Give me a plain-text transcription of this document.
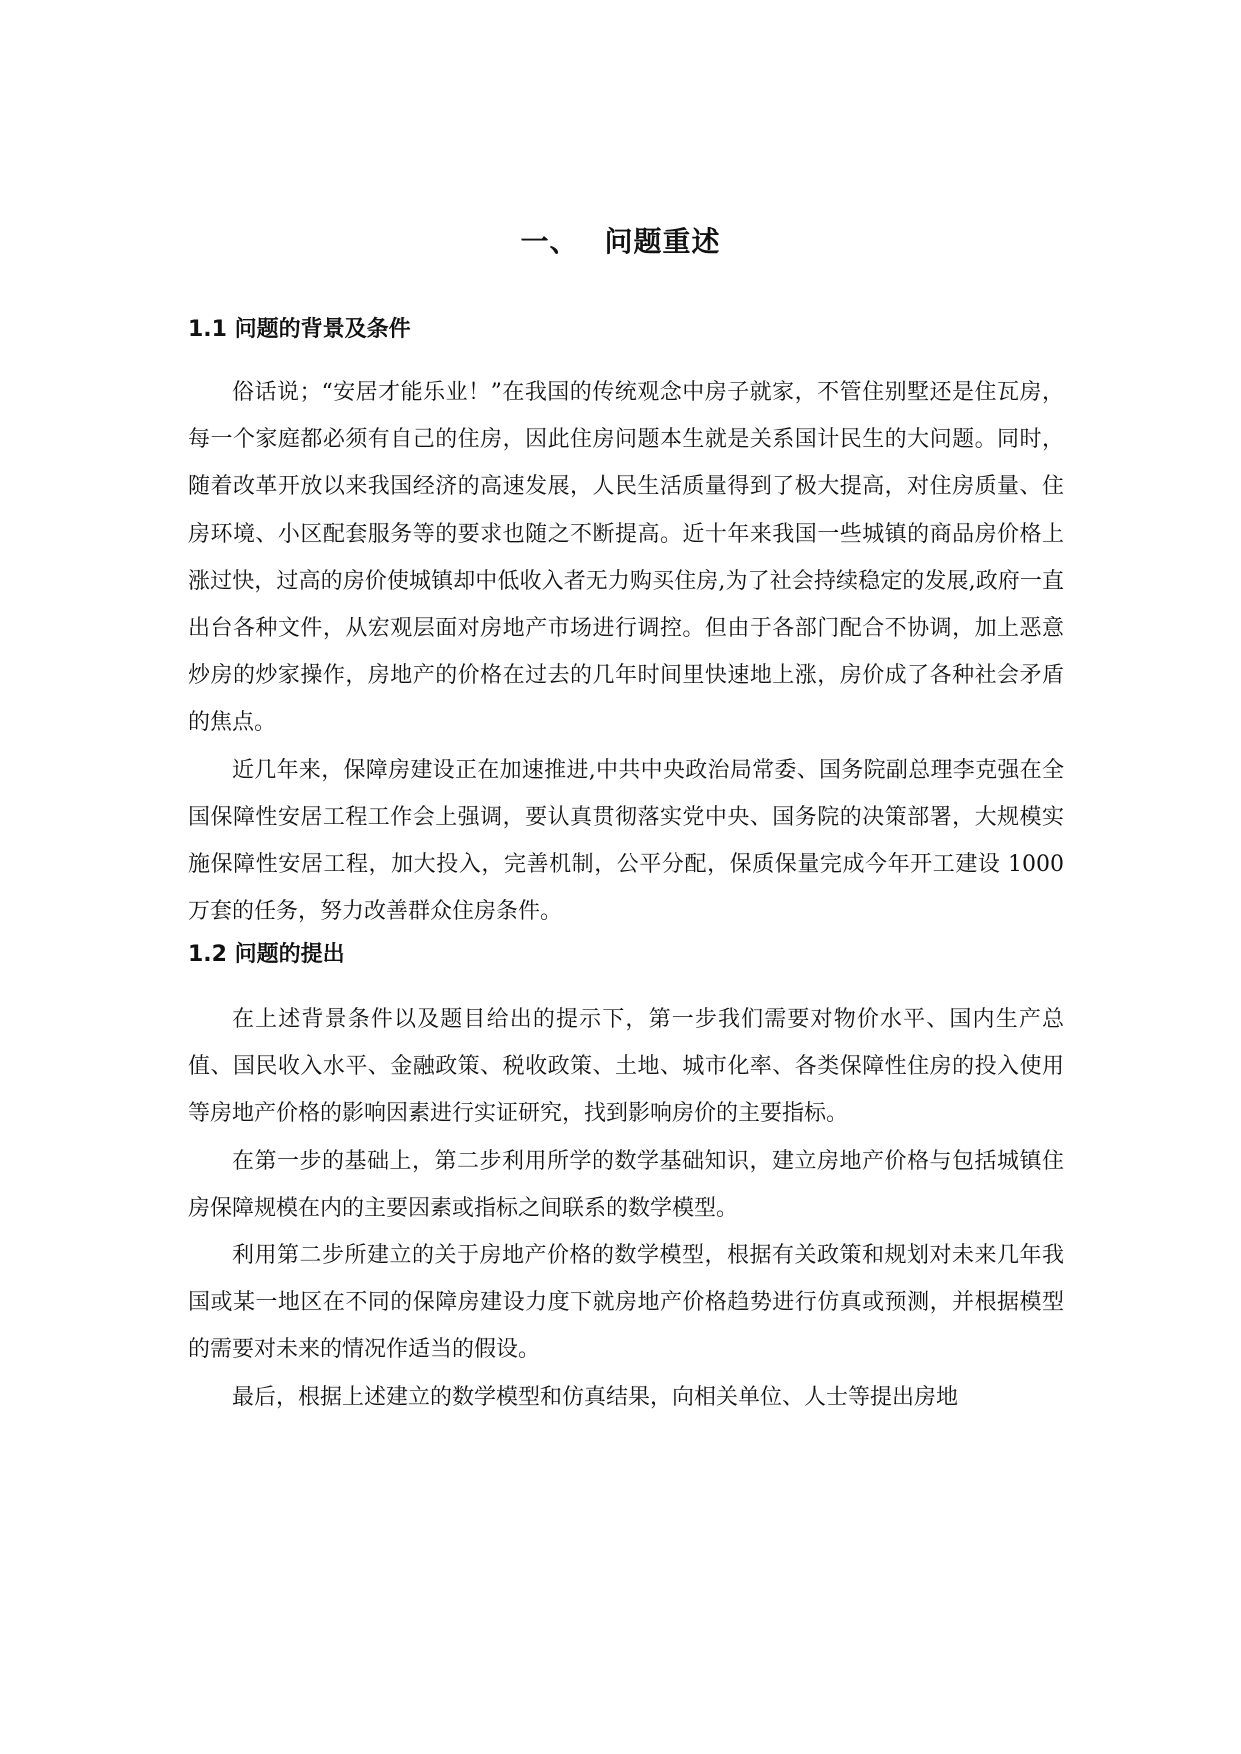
一、 问题重述
1.1 问题的背景及条件

俗话说；“安居才能乐业！”在我国的传统观念中房子就家，不管住别墅还是住瓦房，每一个家庭都必须有自己的住房，因此住房问题本生就是关系国计民生的大问题。同时，随着改革开放以来我国经济的高速发展，人民生活质量得到了极大提高，对住房质量、住房环境、小区配套服务等的要求也随之不断提高。近十年来我国一些城镇的商品房价格上涨过快，过高的房价使城镇却中低收入者无力购买住房,为了社会持续稳定的发展,政府一直出台各种文件，从宏观层面对房地产市场进行调控。但由于各部门配合不协调，加上恶意炒房的炒家操作，房地产的价格在过去的几年时间里快速地上涨，房价成了各种社会矛盾的焦点。

近几年来，保障房建设正在加速推进,中共中央政治局常委、国务院副总理李克强在全国保障性安居工程工作会上强调，要认真贯彻落实党中央、国务院的决策部署，大规模实施保障性安居工程，加大投入，完善机制，公平分配，保质保量完成今年开工建设 1000 万套的任务，努力改善群众住房条件。

1.2 问题的提出

在上述背景条件以及题目给出的提示下，第一步我们需要对物价水平、国内生产总值、国民收入水平、金融政策、税收政策、土地、城市化率、各类保障性住房的投入使用等房地产价格的影响因素进行实证研究，找到影响房价的主要指标。

在第一步的基础上，第二步利用所学的数学基础知识，建立房地产价格与包括城镇住房保障规模在内的主要因素或指标之间联系的数学模型。

利用第二步所建立的关于房地产价格的数学模型，根据有关政策和规划对未来几年我国或某一地区在不同的保障房建设力度下就房地产价格趋势进行仿真或预测，并根据模型的需要对未来的情况作适当的假设。

最后，根据上述建立的数学模型和仿真结果，向相关单位、人士等提出房地
